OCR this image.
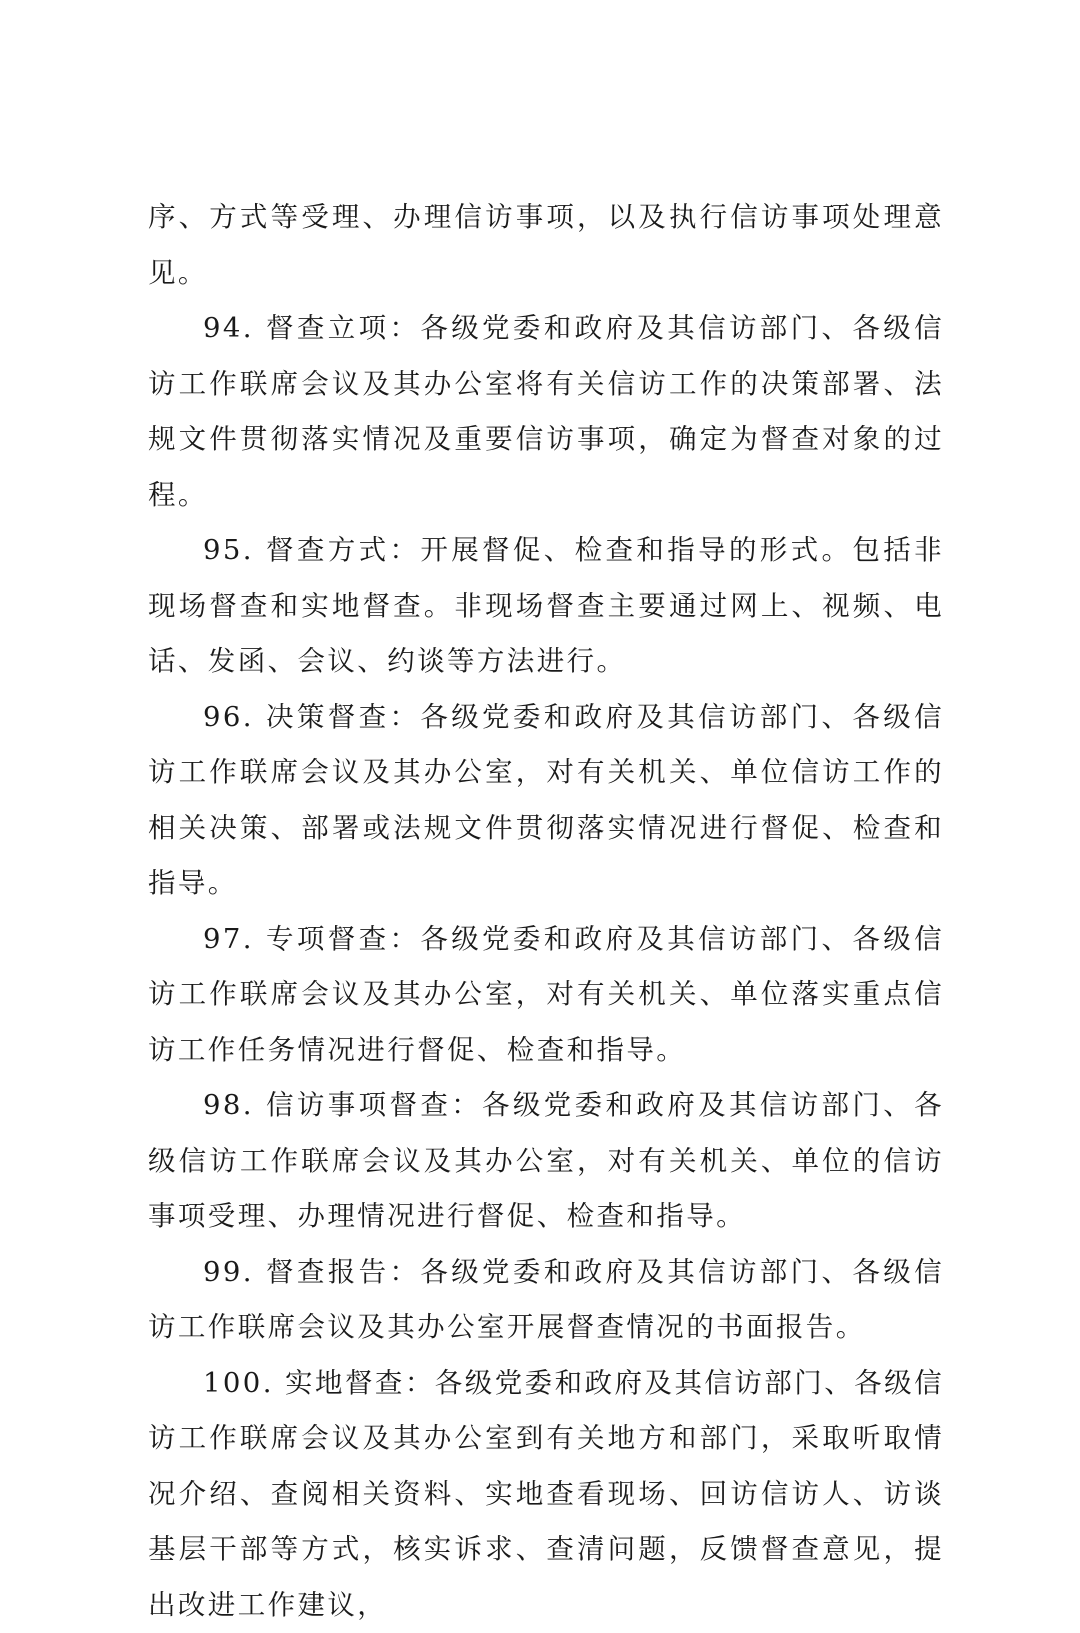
序、方式等受理、办理信访事项，以及执行信访事项处理意见。

94. 督查立项：各级党委和政府及其信访部门、各级信访工作联席会议及其办公室将有关信访工作的决策部署、法规文件贯彻落实情况及重要信访事项，确定为督查对象的过程。

95. 督查方式：开展督促、检查和指导的形式。包括非现场督查和实地督查。非现场督查主要通过网上、视频、电话、发函、会议、约谈等方法进行。

96. 决策督查：各级党委和政府及其信访部门、各级信访工作联席会议及其办公室，对有关机关、单位信访工作的相关决策、部署或法规文件贯彻落实情况进行督促、检查和指导。

97. 专项督查：各级党委和政府及其信访部门、各级信访工作联席会议及其办公室，对有关机关、单位落实重点信访工作任务情况进行督促、检查和指导。

98. 信访事项督查：各级党委和政府及其信访部门、各级信访工作联席会议及其办公室，对有关机关、单位的信访事项受理、办理情况进行督促、检查和指导。

99. 督查报告：各级党委和政府及其信访部门、各级信访工作联席会议及其办公室开展督查情况的书面报告。

100. 实地督查：各级党委和政府及其信访部门、各级信访工作联席会议及其办公室到有关地方和部门，采取听取情况介绍、查阅相关资料、实地查看现场、回访信访人、访谈基层干部等方式，核实诉求、查清问题，反馈督查意见，提出改进工作建议，
